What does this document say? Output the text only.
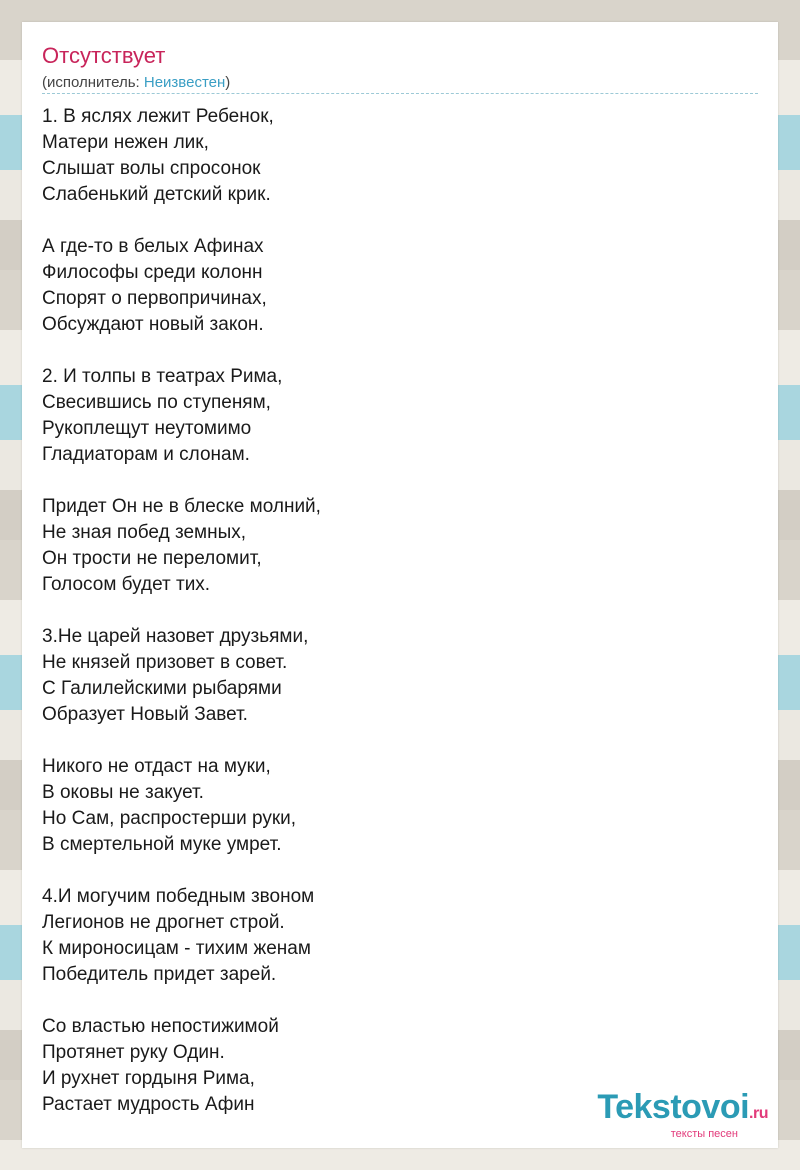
Отсутствует
(исполнитель: Неизвестен)
1. В яслях лежит Ребенок,
Матери нежен лик,
Слышат волы спросонок
Слабенький детский крик.
А где-то в белых Афинах
Философы среди колонн
Спорят о первопричинах,
Обсуждают новый закон.
2. И толпы в театрах Рима,
Свесившись по ступеням,
Рукоплещут неутомимо
Гладиаторам и слонам.
Придет Он не в блеске молний,
Не зная побед земных,
Он трости не переломит,
Голосом будет тих.
3.Не царей назовет друзьями,
Не князей призовет в совет.
С Галилейскими рыбарями
Образует Новый Завет.
Никого не отдаст на муки,
В оковы не закует.
Но Сам, распростерши руки,
В смертельной муке умрет.
4.И могучим победным звоном
Легионов не дрогнет строй.
К мироносицам - тихим женам
Победитель придет зарей.
Со властью непостижимой
Протянет руку Один.
И рухнет гордыня Рима,
Растает мудрость Афин	Tekstovoi.ru
тексты песен
